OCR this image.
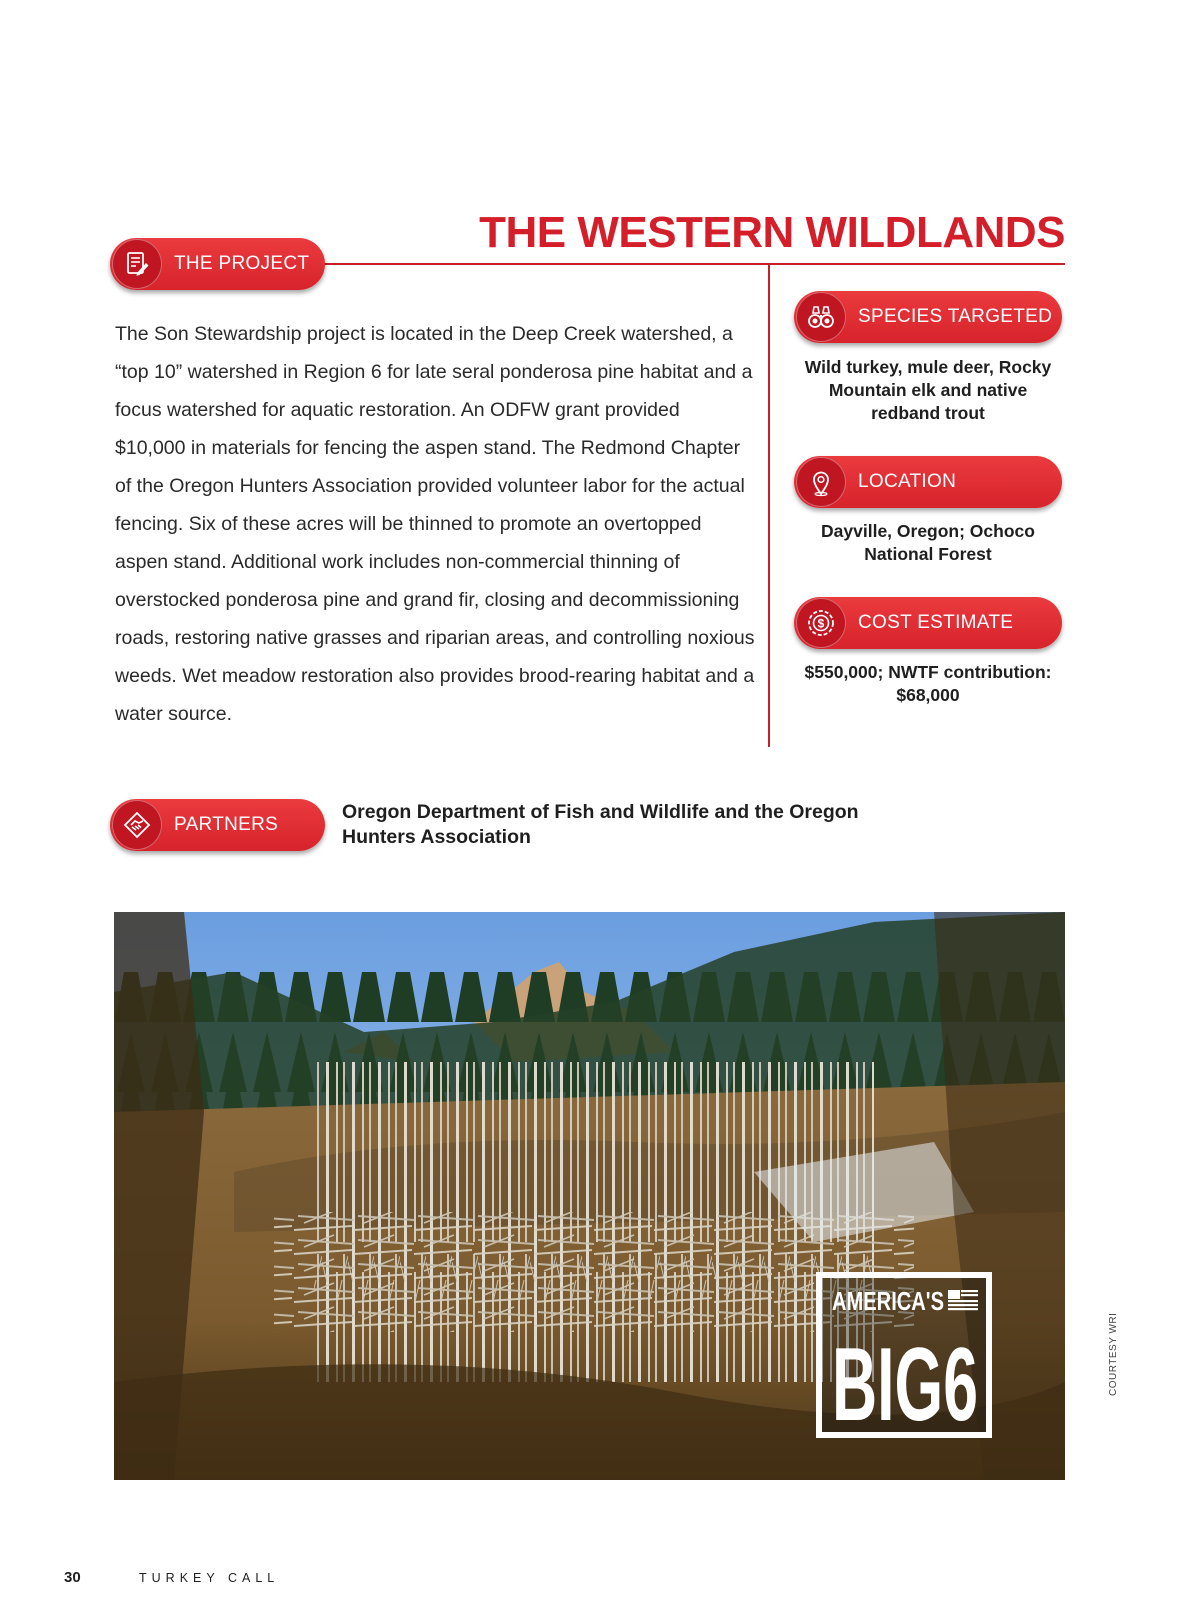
THE WESTERN WILDLANDS
THE PROJECT

The Son Stewardship project is located in the Deep Creek watershed, a “top 10” watershed in Region 6 for late seral ponderosa pine habitat and a focus watershed for aquatic restoration. An ODFW grant provided $10,000 in materials for fencing the aspen stand. The Redmond Chapter of the Oregon Hunters Association provided volunteer labor for the actual fencing. Six of these acres will be thinned to promote an overtopped aspen stand. Additional work includes non-commercial thinning of overstocked ponderosa pine and grand fir, closing and decommissioning roads, restoring native grasses and riparian areas, and controlling noxious weeds. Wet meadow restoration also provides brood-rearing habitat and a water source.

SPECIES TARGETED

Wild turkey, mule deer, Rocky Mountain elk and native redband trout

LOCATION

Dayville, Oregon; Ochoco National Forest

$ COST ESTIMATE

$550,000; NWTF contribution: $68,000

PARTNERS

Oregon Department of Fish and Wildlife and the Oregon Hunters Association

AMERICA'S
BIG6	COURTESY WRI

30	TURKEY CALL
